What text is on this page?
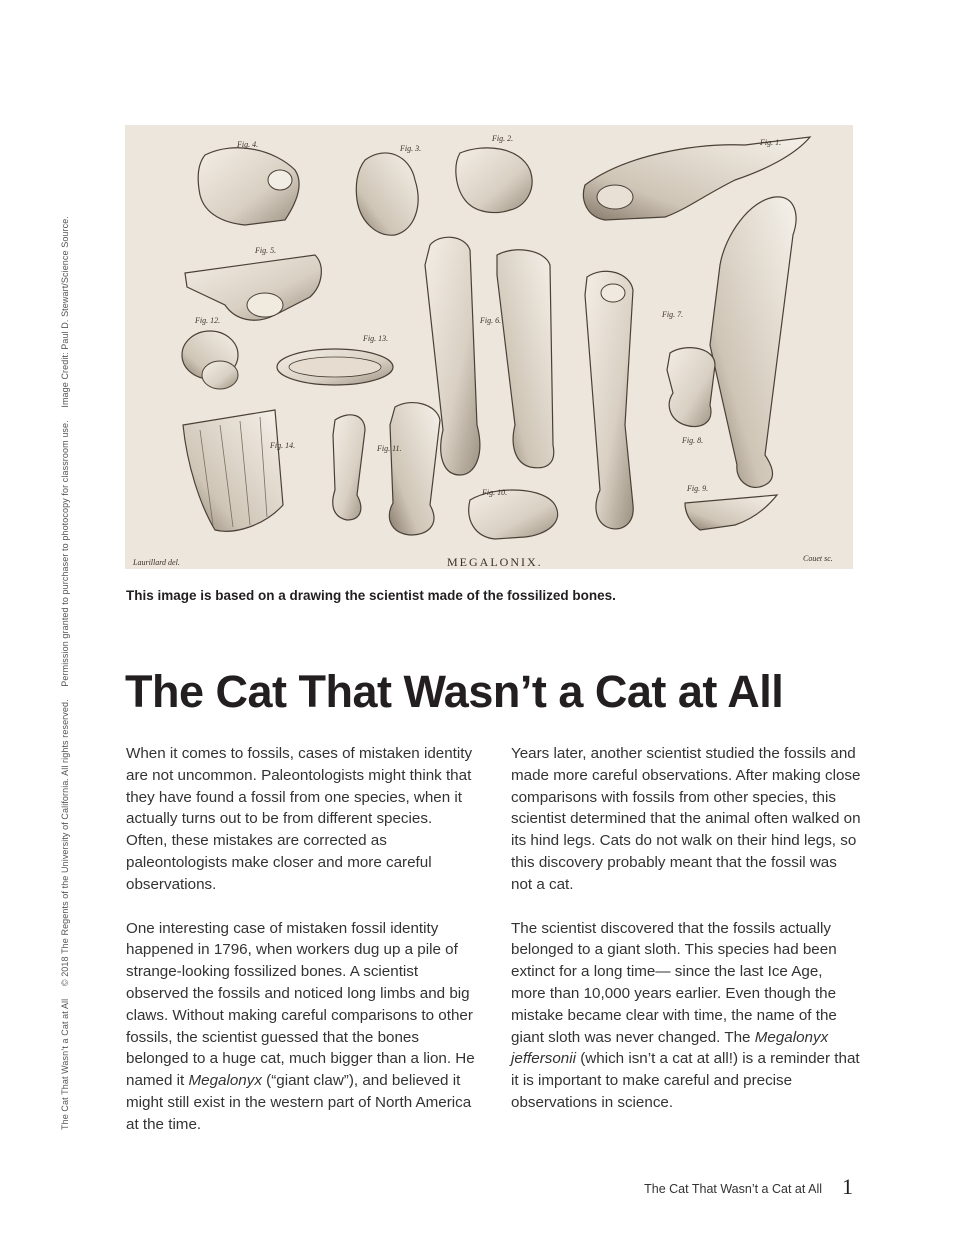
The Cat That Wasn’t a Cat at All © 2018 The Regents of the University of California. All rights reserved. Permission granted to purchaser to photocopy for classroom use. Image Credit: Paul D. Stewart/Science Source.
Fig. 4.	Fig. 3.
Fig. 2.	Fig. 1.
Fig. 5.
Fig. 12.
Fig. 13.
Fig. 6.
Fig. 7.
Fig. 8.
Fig. 14.	Fig. 11.
Fig. 10.	Fig. 9.
Laurillard del.	Couet sc.
MEGALONIX.
This image is based on a drawing the scientist made of the fossilized bones.
The Cat That Wasn’t a Cat at All

When it comes to fossils, cases of mistaken identity are not uncommon. Paleontologists might think that they have found a fossil from one species, when it actually turns out to be from different species. Often, these mistakes are corrected as paleontologists make closer and more careful observations.

One interesting case of mistaken fossil identity happened in 1796, when workers dug up a pile of strange-looking fossilized bones. A scientist observed the fossils and noticed long limbs and big claws. Without making careful comparisons to other fossils, the scientist guessed that the bones belonged to a huge cat, much bigger than a lion. He named it Megalonyx (“giant claw”), and believed it might still exist in the western part of North America at the time.

Years later, another scientist studied the fossils and made more careful observations. After making close comparisons with fossils from other species, this scientist determined that the animal often walked on its hind legs. Cats do not walk on their hind legs, so this discovery probably meant that the fossil was not a cat.

The scientist discovered that the fossils actually belonged to a giant sloth. This species had been extinct for a long time— since the last Ice Age, more than 10,000 years earlier. Even though the mistake became clear with time, the name of the giant sloth was never changed. The Megalonyx jeffersonii (which isn’t a cat at all!) is a reminder that it is important to make careful and precise observations in science.

The Cat That Wasn’t a Cat at All 1
